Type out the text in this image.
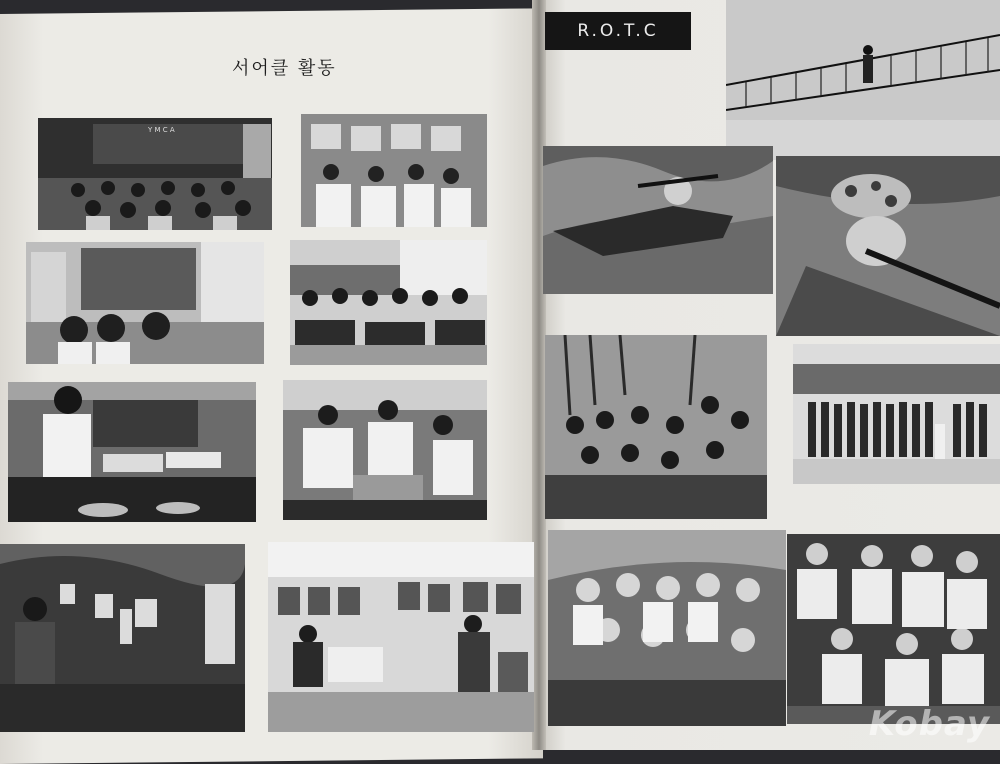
서어클 활동
R.O.T.C
Y M C A
Kobay
